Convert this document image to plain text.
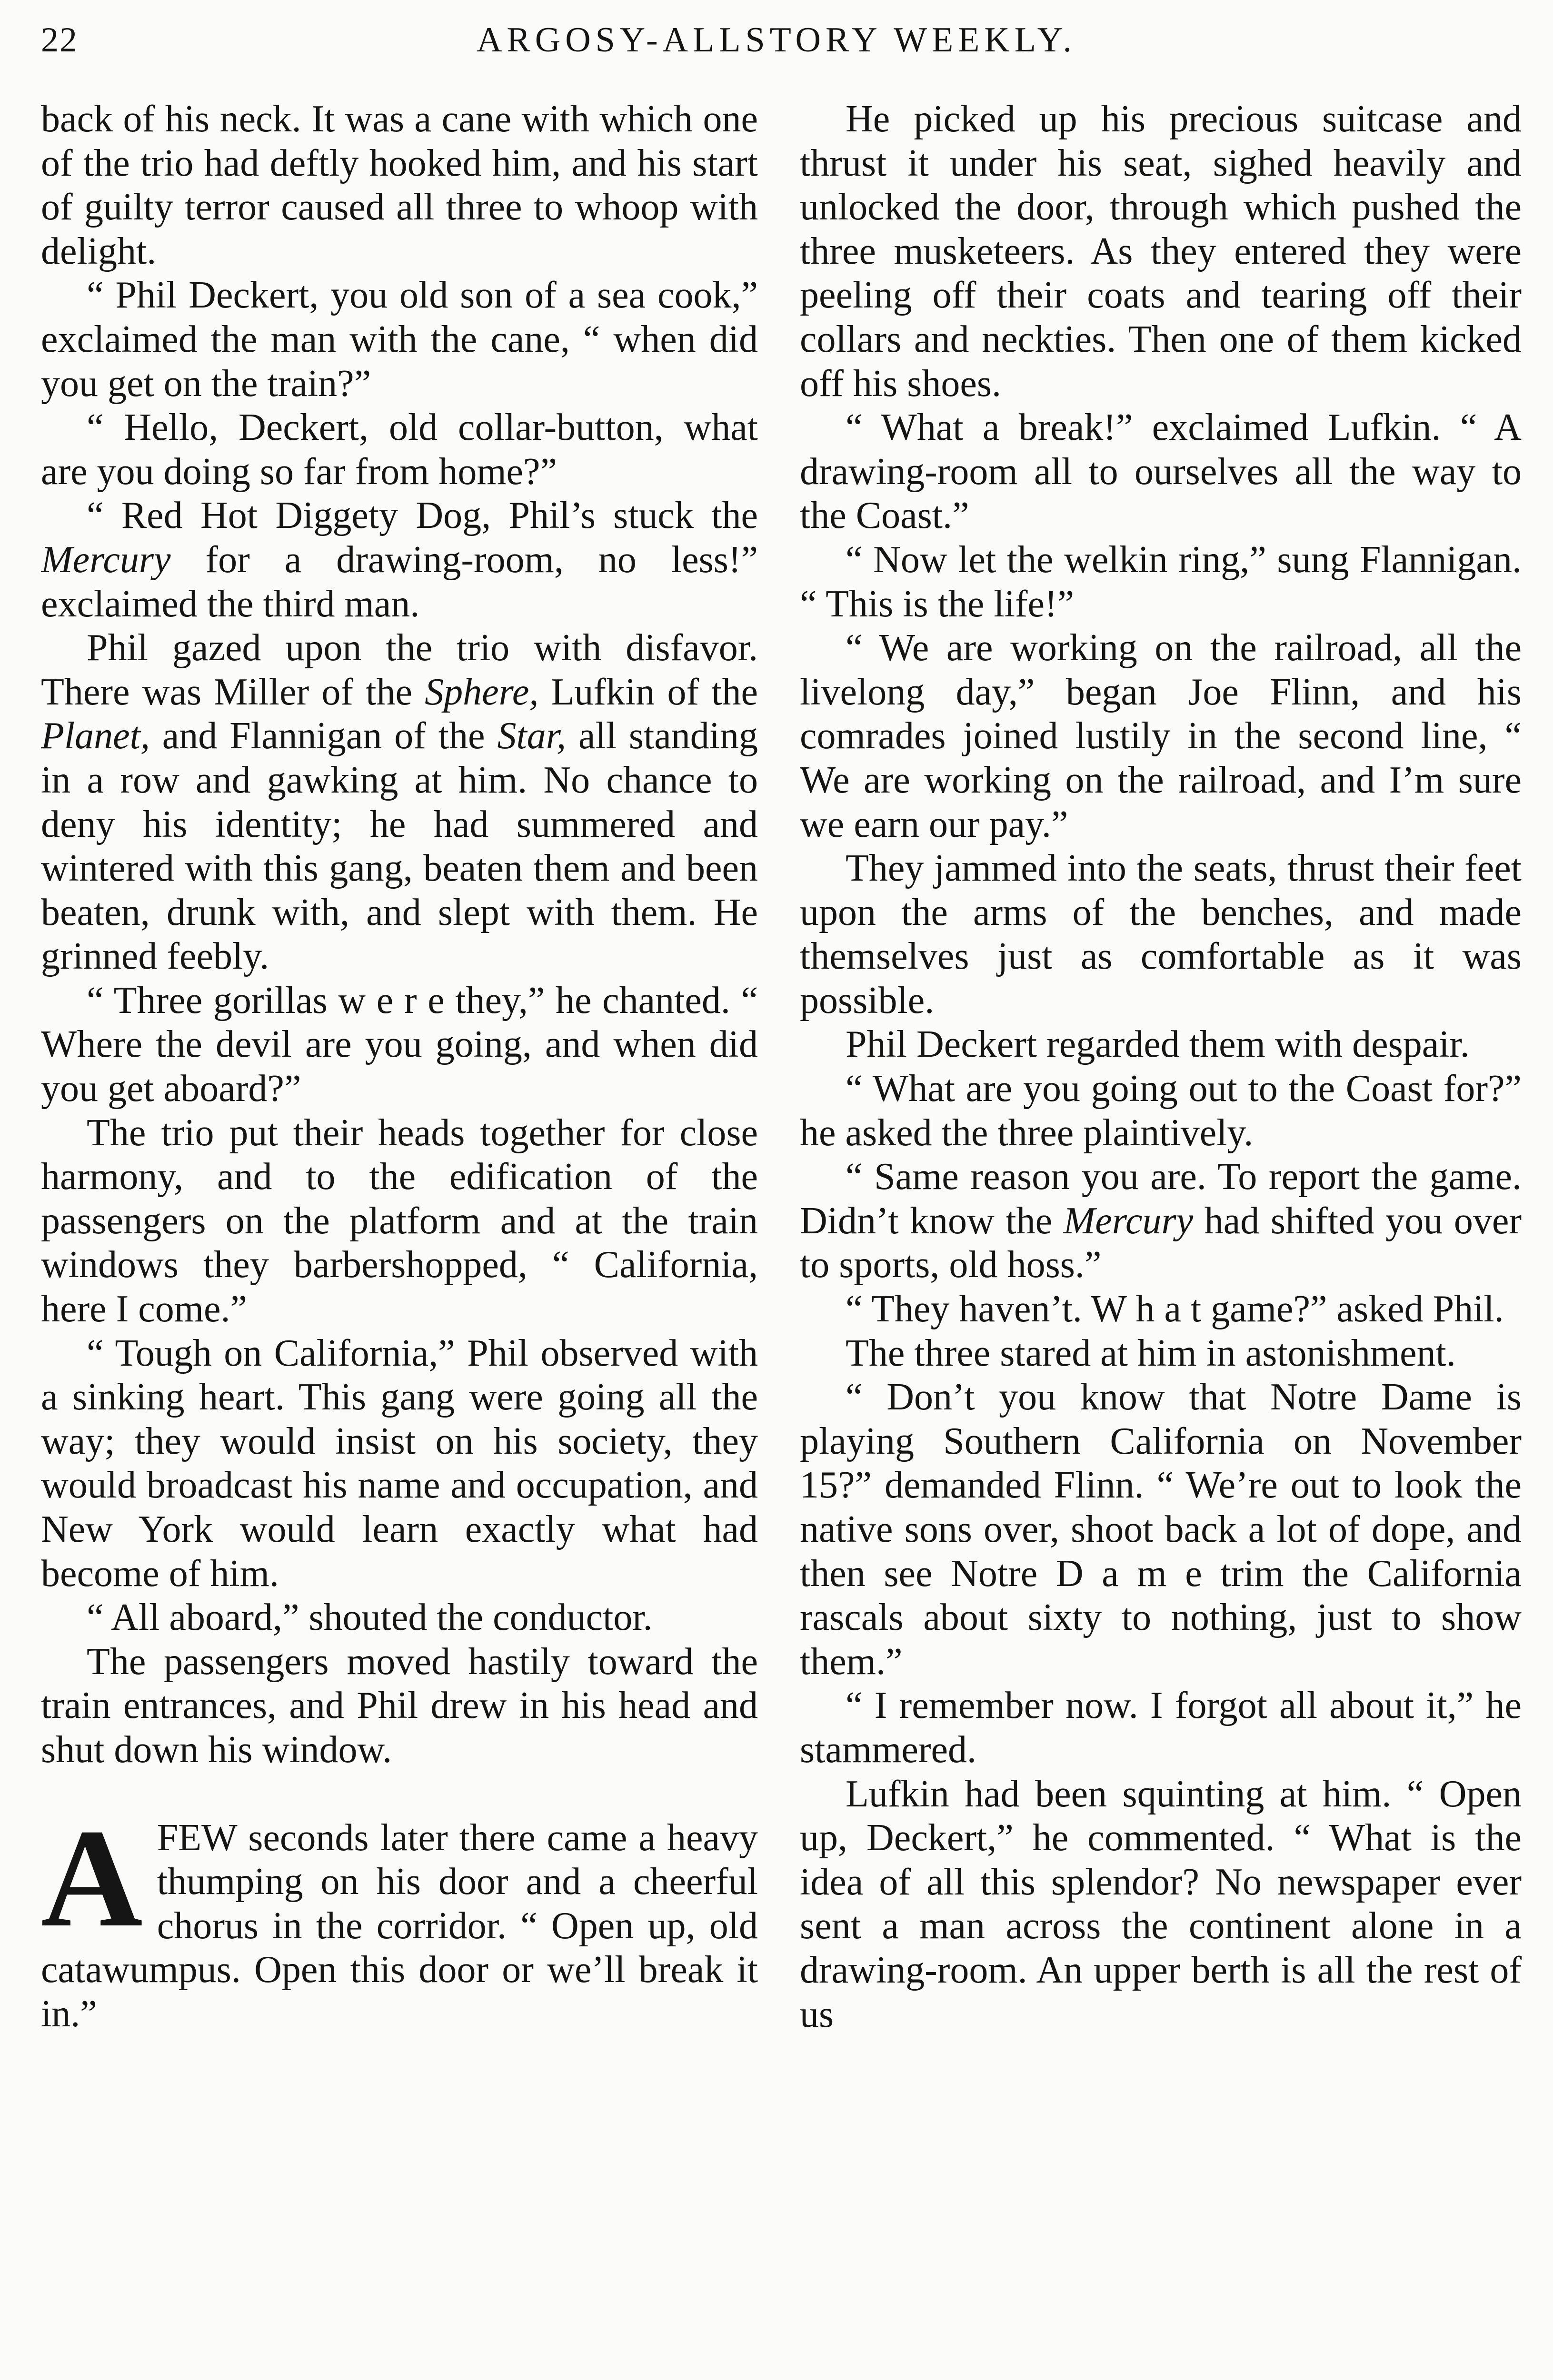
22	ARGOSY-ALLSTORY WEEKLY.

back of his neck. It was a cane with which one of the trio had deftly hooked him, and his start of guilty terror caused all three to whoop with delight.

“ Phil Deckert, you old son of a sea cook,” exclaimed the man with the cane, “ when did you get on the train?”

“ Hello, Deckert, old collar-button, what are you doing so far from home?”

“ Red Hot Diggety Dog, Phil’s stuck the Mercury for a drawing-room, no less!” exclaimed the third man.

Phil gazed upon the trio with disfavor. There was Miller of the Sphere, Lufkin of the Planet, and Flannigan of the Star, all standing in a row and gawking at him. No chance to deny his identity; he had summered and wintered with this gang, beaten them and been beaten, drunk with, and slept with them. He grinned feebly.

“ Three gorillas w e r e they,” he chanted. “ Where the devil are you going, and when did you get aboard?”

The trio put their heads together for close harmony, and to the edification of the passengers on the platform and at the train windows they barbershopped, “ California, here I come.”

“ Tough on California,” Phil observed with a sinking heart. This gang were going all the way; they would insist on his society, they would broadcast his name and occupation, and New York would learn exactly what had become of him.

“ All aboard,” shouted the conductor.

The passengers moved hastily toward the train entrances, and Phil drew in his head and shut down his window.

AFEW seconds later there came a heavy thumping on his door and a cheerful chorus in the corridor. “ Open up, old catawumpus. Open this door or we’ll break it in.”

He picked up his precious suitcase and thrust it under his seat, sighed heavily and unlocked the door, through which pushed the three musketeers. As they entered they were peeling off their coats and tearing off their collars and neckties. Then one of them kicked off his shoes.

“ What a break!” exclaimed Lufkin. “ A drawing-room all to ourselves all the way to the Coast.”

“ Now let the welkin ring,” sung Flannigan. “ This is the life!”

“ We are working on the railroad, all the livelong day,” began Joe Flinn, and his comrades joined lustily in the second line, “ We are working on the railroad, and I’m sure we earn our pay.”

They jammed into the seats, thrust their feet upon the arms of the benches, and made themselves just as comfortable as it was possible.

Phil Deckert regarded them with despair.

“ What are you going out to the Coast for?” he asked the three plaintively.

“ Same reason you are. To report the game. Didn’t know the Mercury had shifted you over to sports, old hoss.”

“ They haven’t. W h a t game?” asked Phil.

The three stared at him in astonishment.

“ Don’t you know that Notre Dame is playing Southern California on November 15?” demanded Flinn. “ We’re out to look the native sons over, shoot back a lot of dope, and then see Notre D a m e trim the California rascals about sixty to nothing, just to show them.”

“ I remember now. I forgot all about it,” he stammered.

Lufkin had been squinting at him. “ Open up, Deckert,” he commented. “ What is the idea of all this splendor? No newspaper ever sent a man across the continent alone in a drawing-room. An upper berth is all the rest of us
